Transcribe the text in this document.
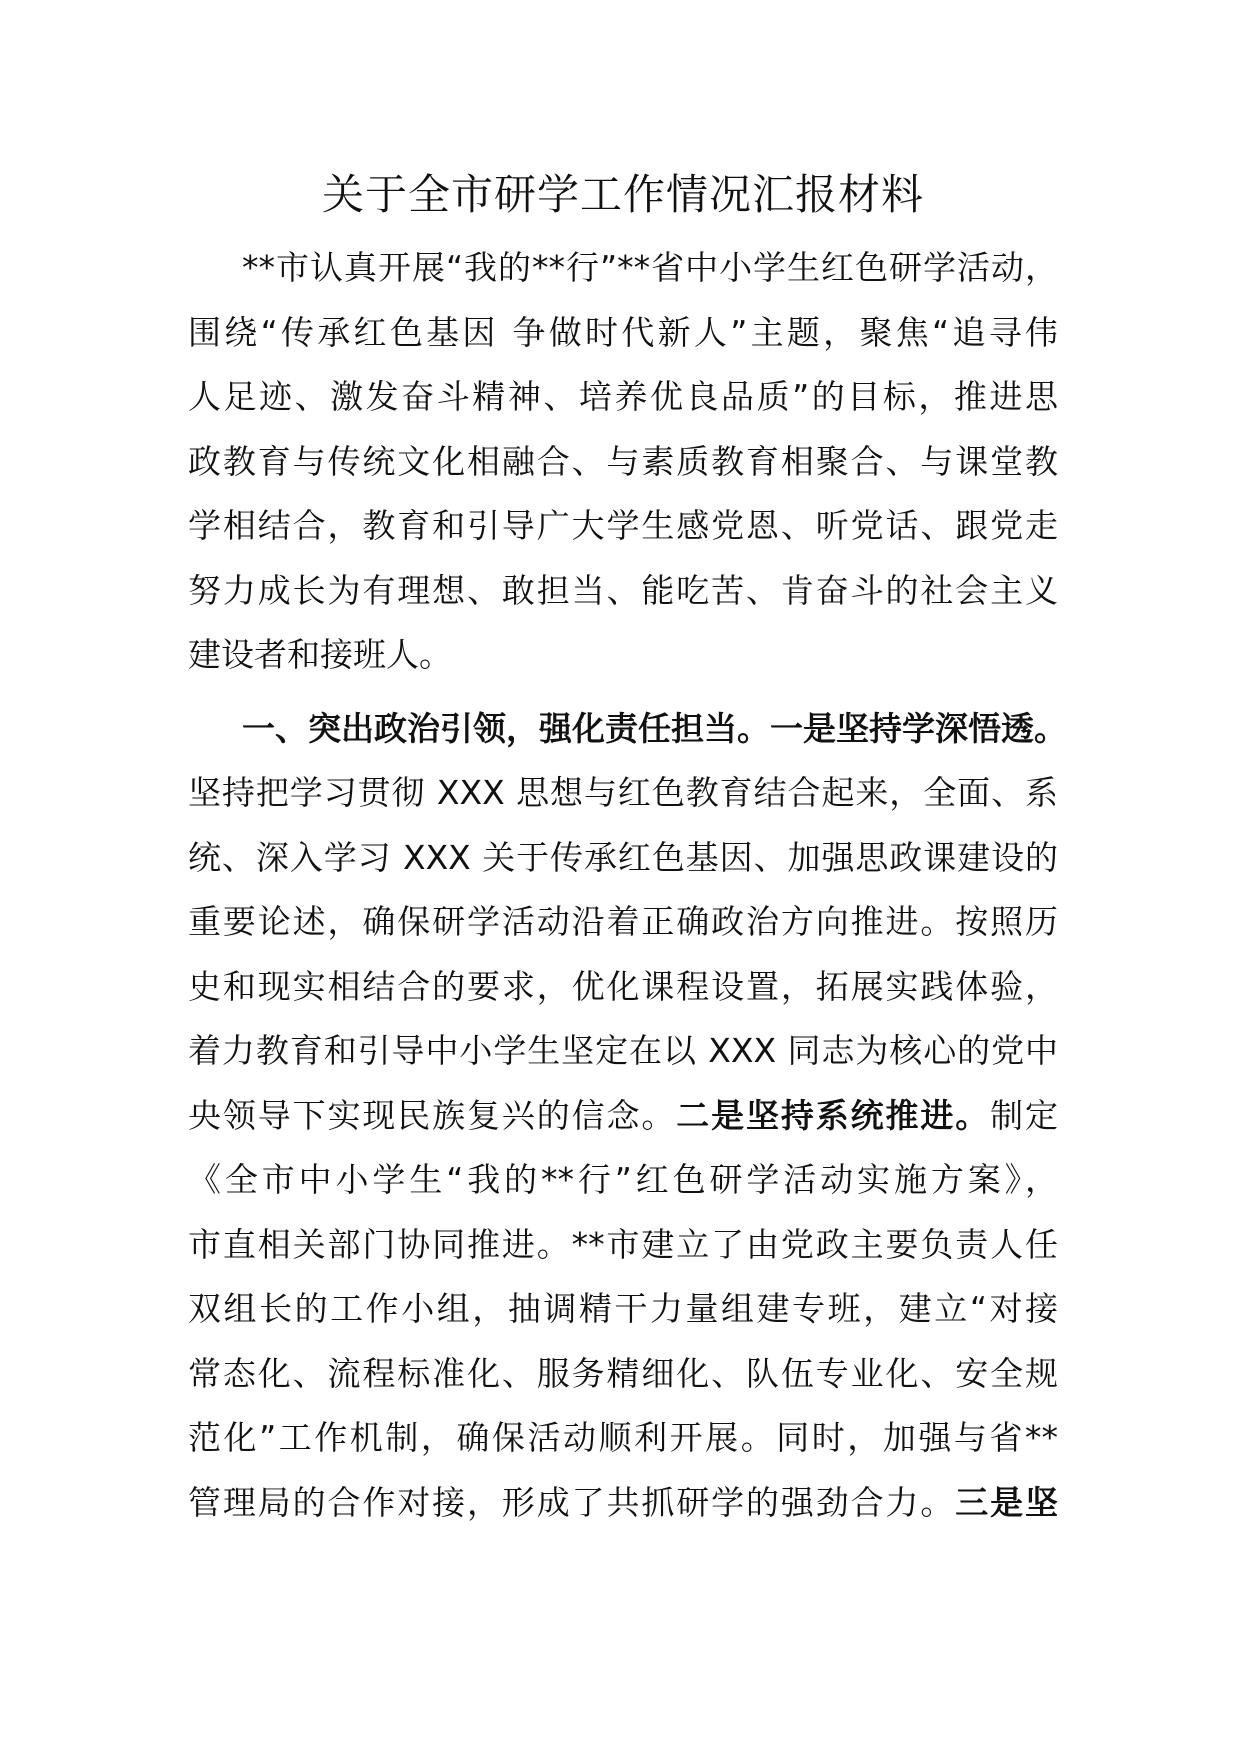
关于全市研学工作情况汇报材料
**市认真开展“我的**行”**省中小学生红色研学活动，
围绕“传承红色基因 争做时代新人”主题，聚焦“追寻伟
人足迹、激发奋斗精神、培养优良品质”的目标，推进思
政教育与传统文化相融合、与素质教育相聚合、与课堂教
学相结合，教育和引导广大学生感党恩、听党话、跟党走
努力成长为有理想、敢担当、能吃苦、肯奋斗的社会主义
建设者和接班人。
一、突出政治引领，强化责任担当。一是坚持学深悟透。
坚持把学习贯彻 XXX 思想与红色教育结合起来，全面、系
统、深入学习 XXX 关于传承红色基因、加强思政课建设的
重要论述，确保研学活动沿着正确政治方向推进。按照历
史和现实相结合的要求，优化课程设置，拓展实践体验，
着力教育和引导中小学生坚定在以 XXX 同志为核心的党中
央领导下实现民族复兴的信念。二是坚持系统推进。制定
《全市中小学生“我的**行”红色研学活动实施方案》，
市直相关部门协同推进。**市建立了由党政主要负责人任
双组长的工作小组，抽调精干力量组建专班，建立“对接
常态化、流程标准化、服务精细化、队伍专业化、安全规
范化”工作机制，确保活动顺利开展。同时，加强与省**
管理局的合作对接，形成了共抓研学的强劲合力。三是坚
